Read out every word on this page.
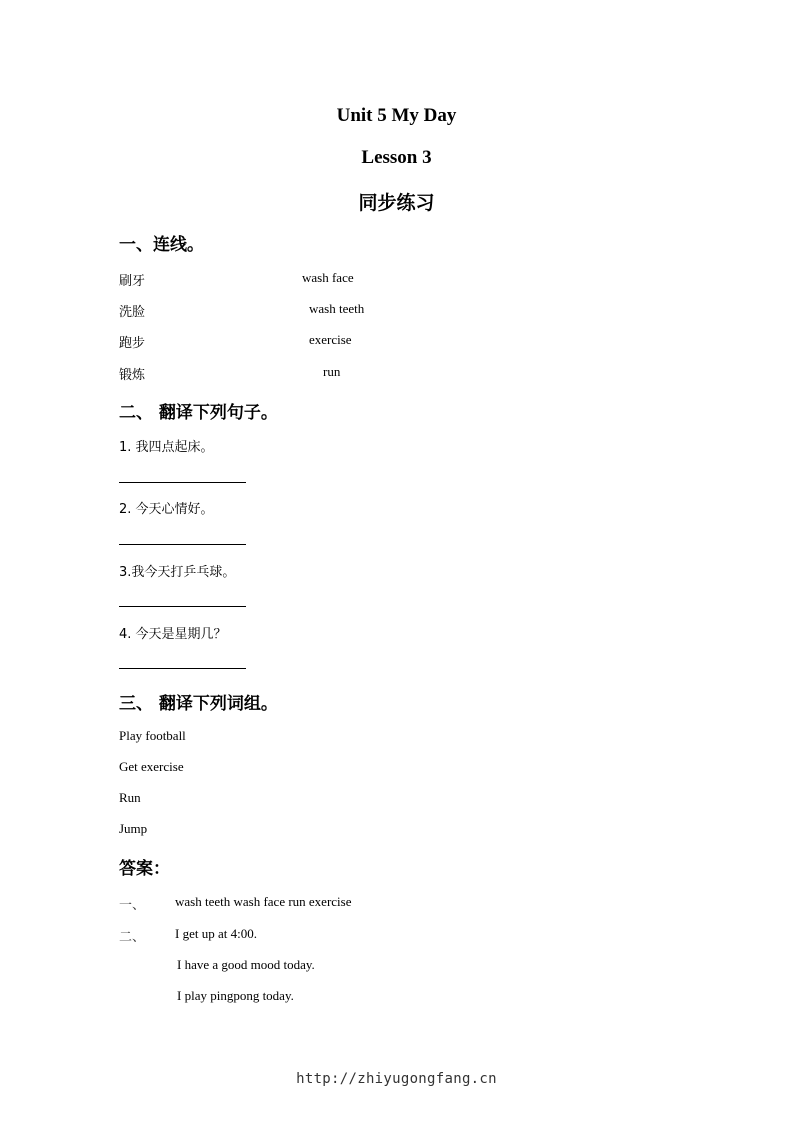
Unit 5 My Day
Lesson 3
同步练习
一、连线。
刷牙
洗脸
跑步
锻炼
wash face
wash teeth
exercise
run
二、 翻译下列句子。
1. 我四点起床。
2. 今天心情好。
3.我今天打乒乓球。
4. 今天是星期几？
三、 翻译下列词组。
Play football
Get exercise
Run
Jump
答案：
一、 wash teeth wash face run exercise
二、 I get up at 4:00.
I have a good mood today.
I play pingpong today.
http://zhiyugongfang.cn
